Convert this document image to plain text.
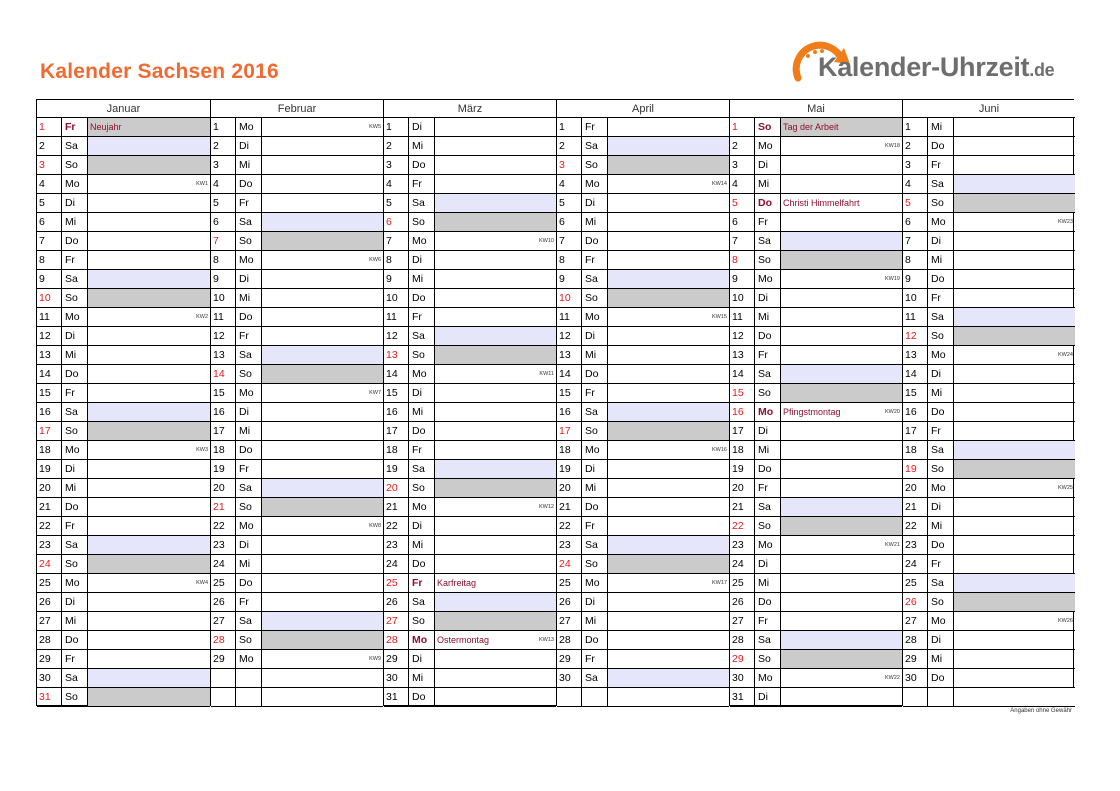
Kalender Sachsen 2016	Kalender-Uhrzeit.de
Januar
1	Fr	Neujahr
2	Sa
3	So
4	Mo	KW1
5	Di
6	Mi
7	Do
8	Fr
9	Sa
10	So
11	Mo	KW2
12	Di
13	Mi
14	Do
15	Fr
16	Sa
17	So
18	Mo	KW3
19	Di
20	Mi
21	Do
22	Fr
23	Sa
24	So
25	Mo	KW4
26	Di
27	Mi
28	Do
29	Fr
30	Sa
31	So
Februar
1	Mo	KW5
2	Di
3	Mi
4	Do
5	Fr
6	Sa
7	So
8	Mo	KW6
9	Di
10	Mi
11	Do
12	Fr
13	Sa
14	So
15	Mo	KW7
16	Di
17	Mi
18	Do
19	Fr
20	Sa
21	So
22	Mo	KW8
23	Di
24	Mi
25	Do
26	Fr
27	Sa
28	So
29	Mo	KW9
März
1	Di
2	Mi
3	Do
4	Fr
5	Sa
6	So
7	Mo	KW10
8	Di
9	Mi
10	Do
11	Fr
12	Sa
13	So
14	Mo	KW11
15	Di
16	Mi
17	Do
18	Fr
19	Sa
20	So
21	Mo	KW12
22	Di
23	Mi
24	Do
25	Fr	Karfreitag
26	Sa
27	So
28	Mo	Ostermontag	KW13
29	Di
30	Mi
31	Do
April
1	Fr
2	Sa
3	So
4	Mo	KW14
5	Di
6	Mi
7	Do
8	Fr
9	Sa
10	So
11	Mo	KW15
12	Di
13	Mi
14	Do
15	Fr
16	Sa
17	So
18	Mo	KW16
19	Di
20	Mi
21	Do
22	Fr
23	Sa
24	So
25	Mo	KW17
26	Di
27	Mi
28	Do
29	Fr
30	Sa
Mai
1	So	Tag der Arbeit
2	Mo	KW18
3	Di
4	Mi
5	Do	Christi Himmelfahrt
6	Fr
7	Sa
8	So
9	Mo	KW19
10	Di
11	Mi
12	Do
13	Fr
14	Sa
15	So
16	Mo	Pfingstmontag	KW20
17	Di
18	Mi
19	Do
20	Fr
21	Sa
22	So
23	Mo	KW21
24	Di
25	Mi
26	Do
27	Fr
28	Sa
29	So
30	Mo	KW22
31	Di
Juni
1	Mi
2	Do
3	Fr
4	Sa
5	So
6	Mo	KW23
7	Di
8	Mi
9	Do
10	Fr
11	Sa
12	So
13	Mo	KW24
14	Di
15	Mi
16	Do
17	Fr
18	Sa
19	So
20	Mo	KW25
21	Di
22	Mi
23	Do
24	Fr
25	Sa
26	So
27	Mo	KW26
28	Di
29	Mi
30	Do
Angaben ohne Gewähr
